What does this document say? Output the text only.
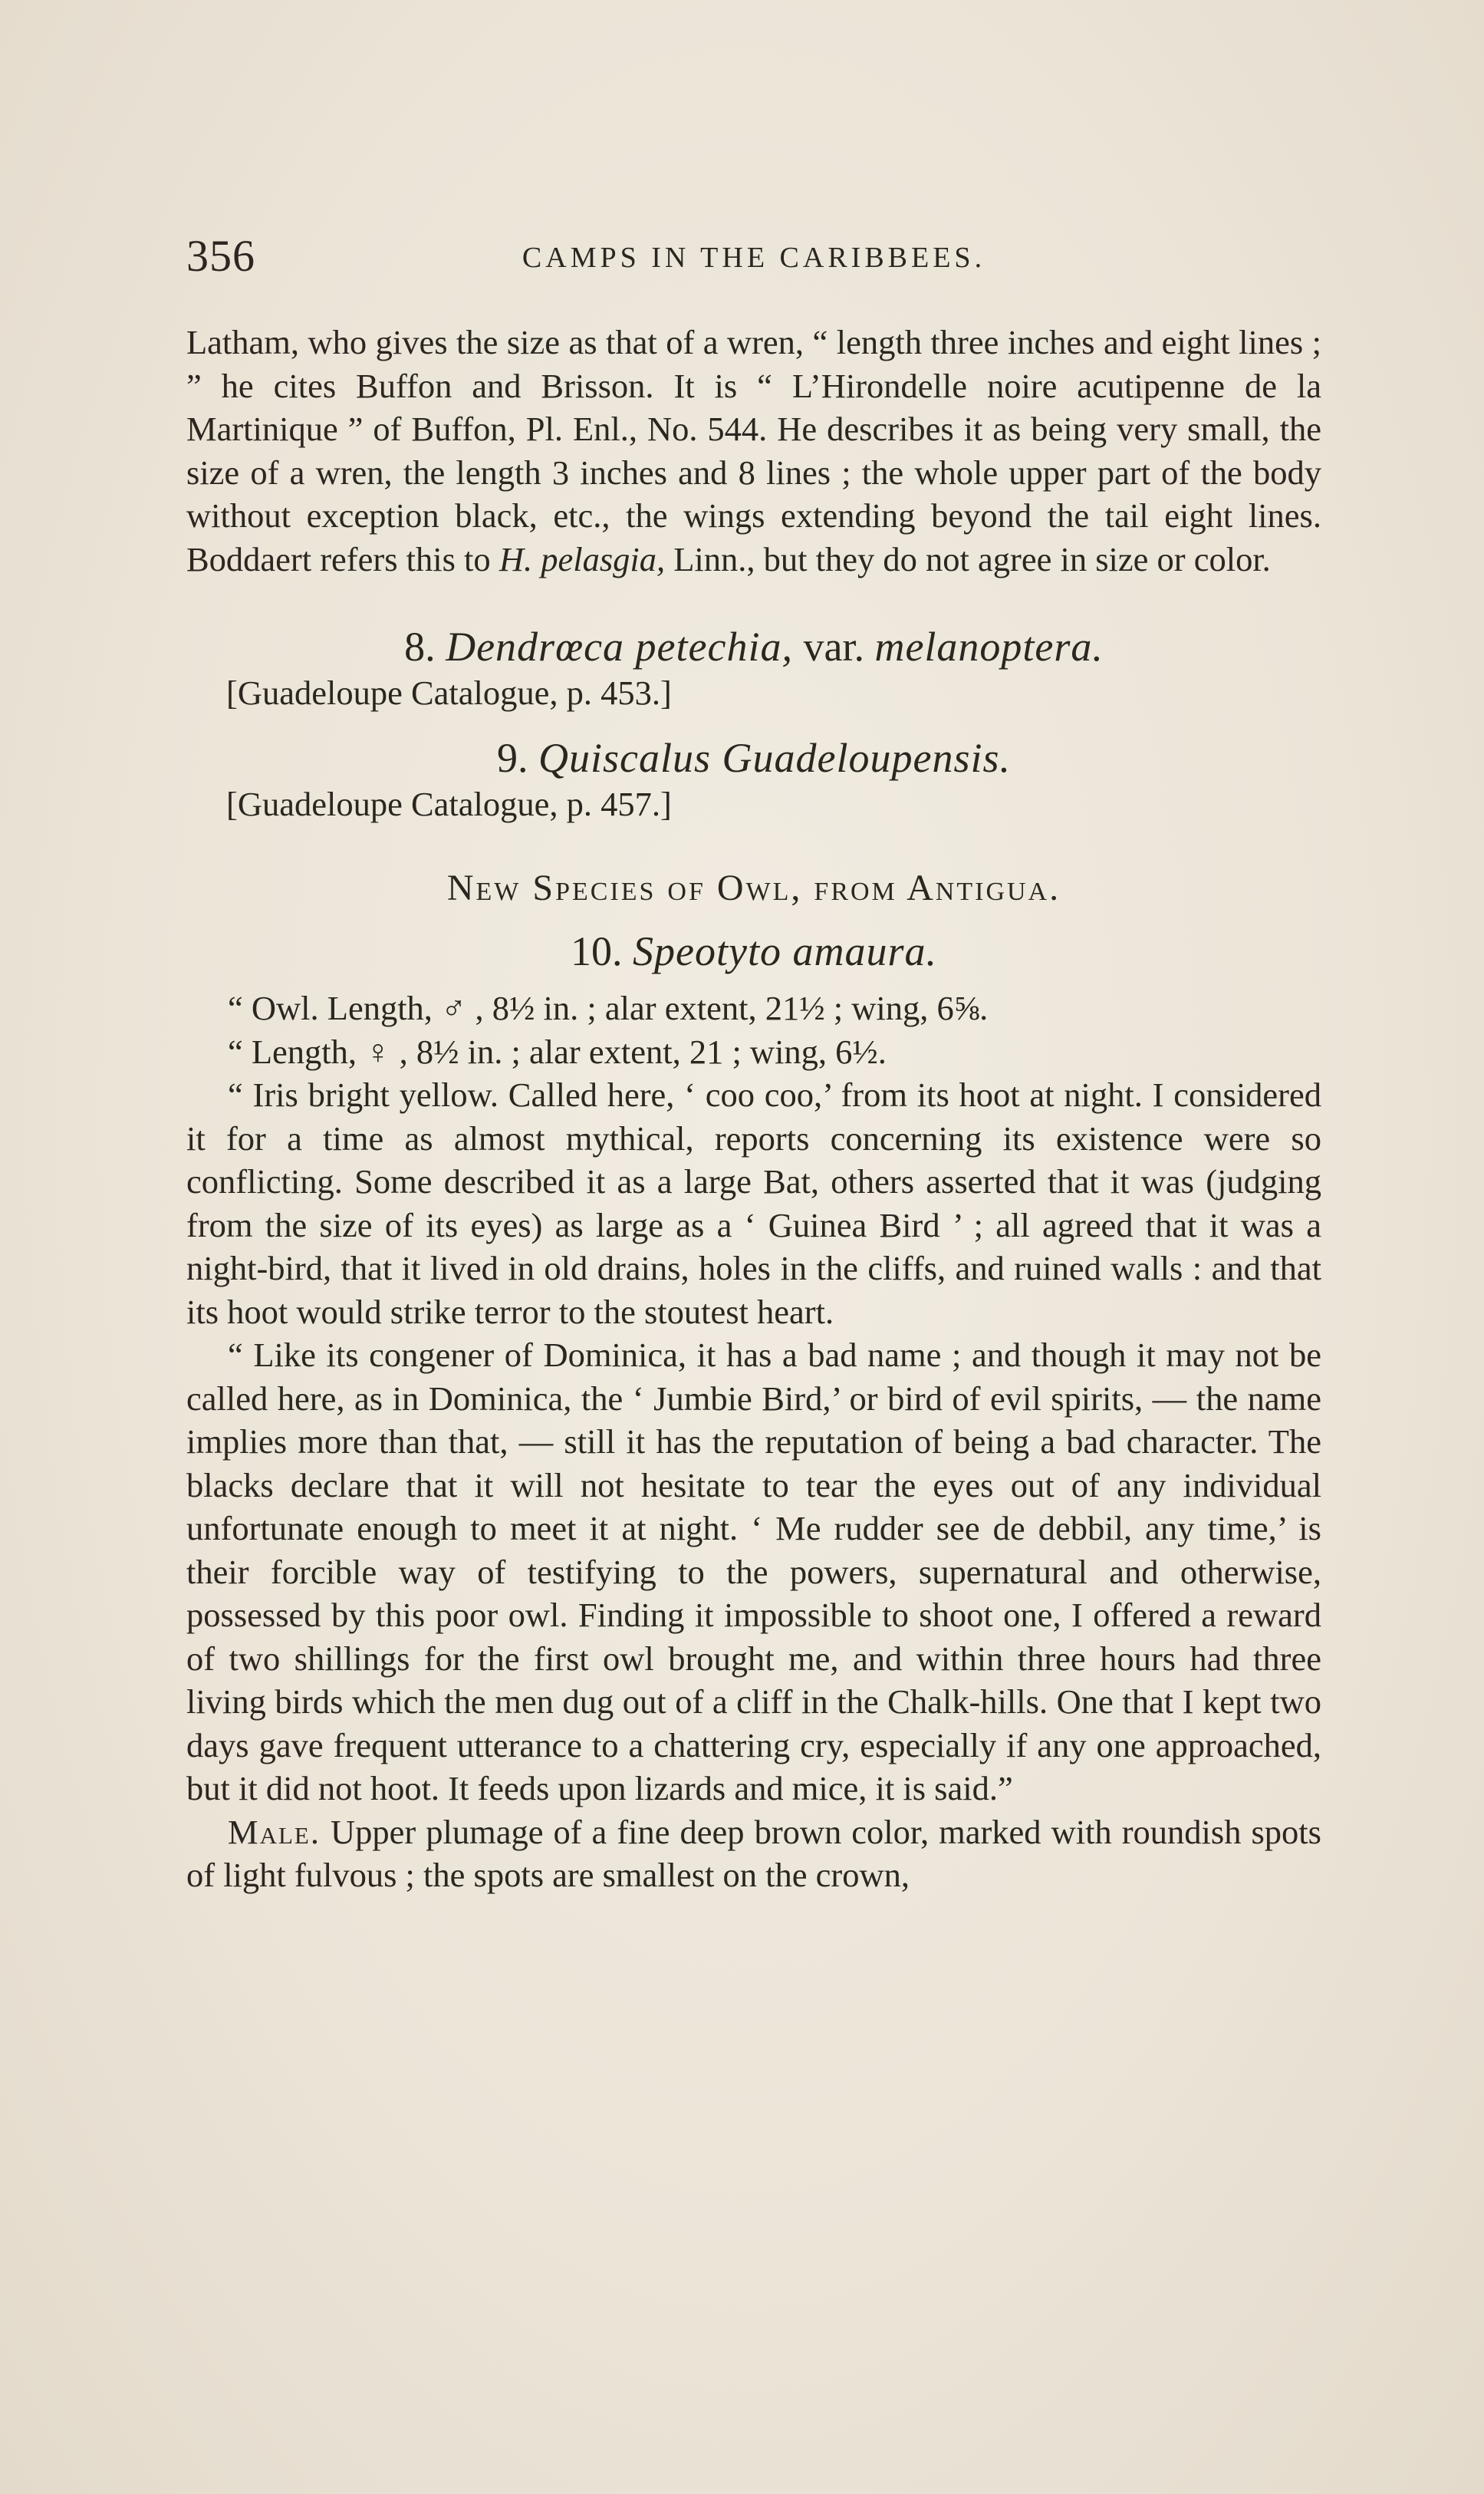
356	CAMPS IN THE CARIBBEES.

Latham, who gives the size as that of a wren, “ length three inches and eight lines ; ” he cites Buffon and Brisson. It is “ L’Hirondelle noire acutipenne de la Martinique ” of Buffon, Pl. Enl., No. 544. He describes it as being very small, the size of a wren, the length 3 inches and 8 lines ; the whole upper part of the body without exception black, etc., the wings extending beyond the tail eight lines. Boddaert refers this to H. pelasgia, Linn., but they do not agree in size or color.

8. Dendrœca petechia, var. melanoptera.

[Guadeloupe Catalogue, p. 453.]

9. Quiscalus Guadeloupensis.

[Guadeloupe Catalogue, p. 457.]

New Species of Owl, from Antigua.

10. Speotyto amaura.

“ Owl. Length, ♂ , 8½ in. ; alar extent, 21½ ; wing, 6⅝.

“ Length, ♀ , 8½ in. ; alar extent, 21 ; wing, 6½.

“ Iris bright yellow. Called here, ‘ coo coo,’ from its hoot at night. I considered it for a time as almost mythical, reports concerning its existence were so conflicting. Some described it as a large Bat, others asserted that it was (judging from the size of its eyes) as large as a ‘ Guinea Bird ’ ; all agreed that it was a night-bird, that it lived in old drains, holes in the cliffs, and ruined walls : and that its hoot would strike terror to the stoutest heart.

“ Like its congener of Dominica, it has a bad name ; and though it may not be called here, as in Dominica, the ‘ Jumbie Bird,’ or bird of evil spirits, — the name implies more than that, — still it has the reputation of being a bad character. The blacks declare that it will not hesitate to tear the eyes out of any individual unfortunate enough to meet it at night. ‘ Me rudder see de debbil, any time,’ is their forcible way of testifying to the powers, supernatural and otherwise, possessed by this poor owl. Finding it impossible to shoot one, I offered a reward of two shillings for the first owl brought me, and within three hours had three living birds which the men dug out of a cliff in the Chalk-hills. One that I kept two days gave frequent utterance to a chattering cry, especially if any one approached, but it did not hoot. It feeds upon lizards and mice, it is said.”

Male. Upper plumage of a fine deep brown color, marked with roundish spots of light fulvous ; the spots are smallest on the crown,
